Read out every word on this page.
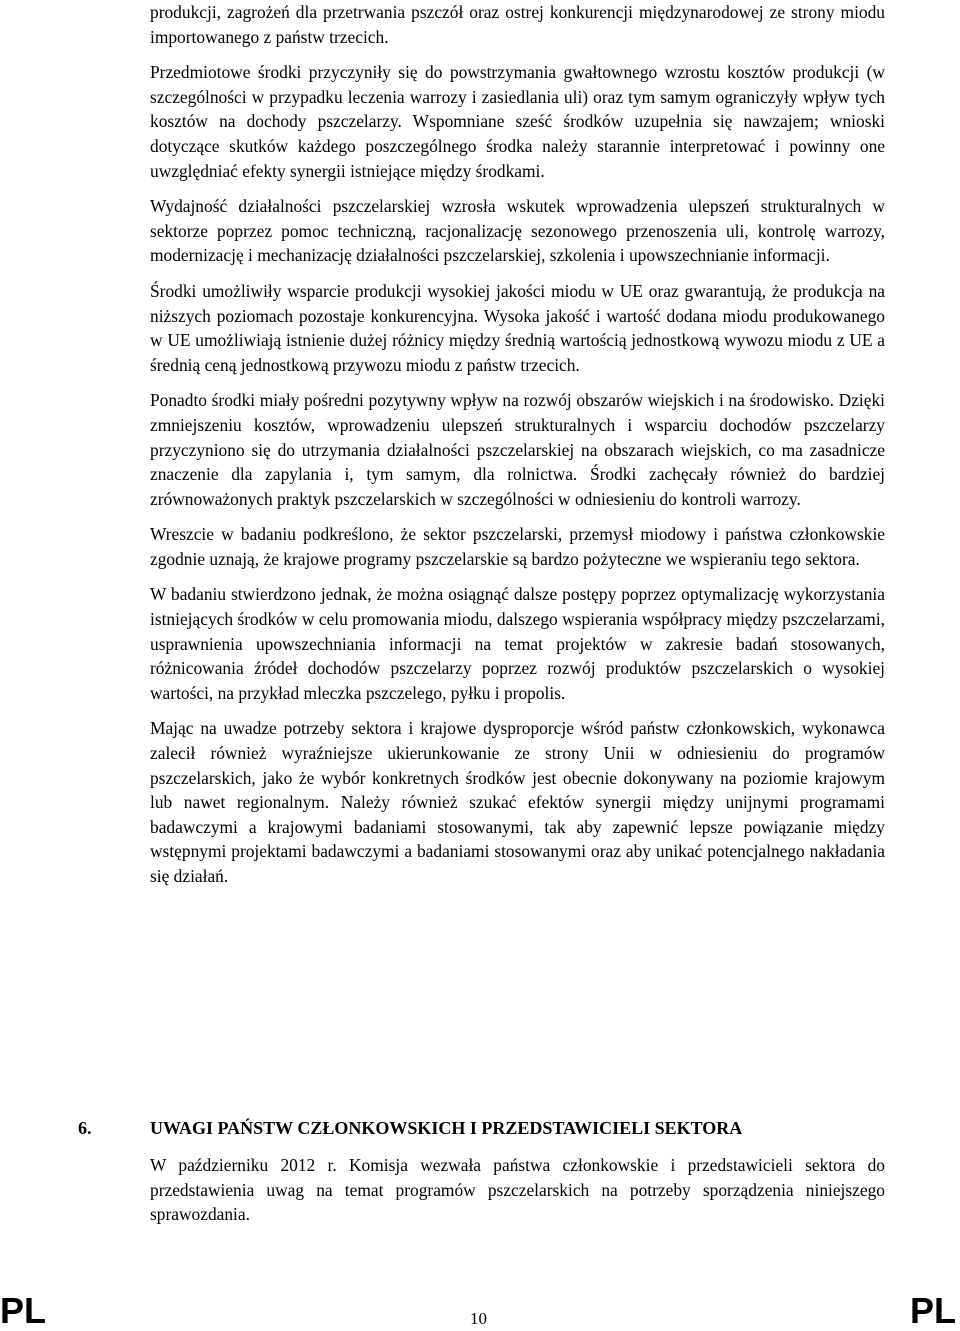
produkcji, zagrożeń dla przetrwania pszczół oraz ostrej konkurencji międzynarodowej ze strony miodu importowanego z państw trzecich.

Przedmiotowe środki przyczyniły się do powstrzymania gwałtownego wzrostu kosztów produkcji (w szczególności w przypadku leczenia warrozy i zasiedlania uli) oraz tym samym ograniczyły wpływ tych kosztów na dochody pszczelarzy. Wspomniane sześć środków uzupełnia się nawzajem; wnioski dotyczące skutków każdego poszczególnego środka należy starannie interpretować i powinny one uwzględniać efekty synergii istniejące między środkami.

Wydajność działalności pszczelarskiej wzrosła wskutek wprowadzenia ulepszeń strukturalnych w sektorze poprzez pomoc techniczną, racjonalizację sezonowego przenoszenia uli, kontrolę warrozy, modernizację i mechanizację działalności pszczelarskiej, szkolenia i upowszechnianie informacji.

Środki umożliwiły wsparcie produkcji wysokiej jakości miodu w UE oraz gwarantują, że produkcja na niższych poziomach pozostaje konkurencyjna. Wysoka jakość i wartość dodana miodu produkowanego w UE umożliwiają istnienie dużej różnicy między średnią wartością jednostkową wywozu miodu z UE a średnią ceną jednostkową przywozu miodu z państw trzecich.

Ponadto środki miały pośredni pozytywny wpływ na rozwój obszarów wiejskich i na środowisko. Dzięki zmniejszeniu kosztów, wprowadzeniu ulepszeń strukturalnych i wsparciu dochodów pszczelarzy przyczyniono się do utrzymania działalności pszczelarskiej na obszarach wiejskich, co ma zasadnicze znaczenie dla zapylania i, tym samym, dla rolnictwa. Środki zachęcały również do bardziej zrównoważonych praktyk pszczelarskich w szczególności w odniesieniu do kontroli warrozy.

Wreszcie w badaniu podkreślono, że sektor pszczelarski, przemysł miodowy i państwa członkowskie zgodnie uznają, że krajowe programy pszczelarskie są bardzo pożyteczne we wspieraniu tego sektora.

W badaniu stwierdzono jednak, że można osiągnąć dalsze postępy poprzez optymalizację wykorzystania istniejących środków w celu promowania miodu, dalszego wspierania współpracy między pszczelarzami, usprawnienia upowszechniania informacji na temat projektów w zakresie badań stosowanych, różnicowania źródeł dochodów pszczelarzy poprzez rozwój produktów pszczelarskich o wysokiej wartości, na przykład mleczka pszczelego, pyłku i propolis.

Mając na uwadze potrzeby sektora i krajowe dysproporcje wśród państw członkowskich, wykonawca zalecił również wyraźniejsze ukierunkowanie ze strony Unii w odniesieniu do programów pszczelarskich, jako że wybór konkretnych środków jest obecnie dokonywany na poziomie krajowym lub nawet regionalnym. Należy również szukać efektów synergii między unijnymi programami badawczymi a krajowymi badaniami stosowanymi, tak aby zapewnić lepsze powiązanie między wstępnymi projektami badawczymi a badaniami stosowanymi oraz aby unikać potencjalnego nakładania się działań.

6.	UWAGI PAŃSTW CZŁONKOWSKICH I PRZEDSTAWICIELI SEKTORA

W październiku 2012 r. Komisja wezwała państwa członkowskie i przedstawicieli sektora do przedstawienia uwag na temat programów pszczelarskich na potrzeby sporządzenia niniejszego sprawozdania.

PL	10	PL
